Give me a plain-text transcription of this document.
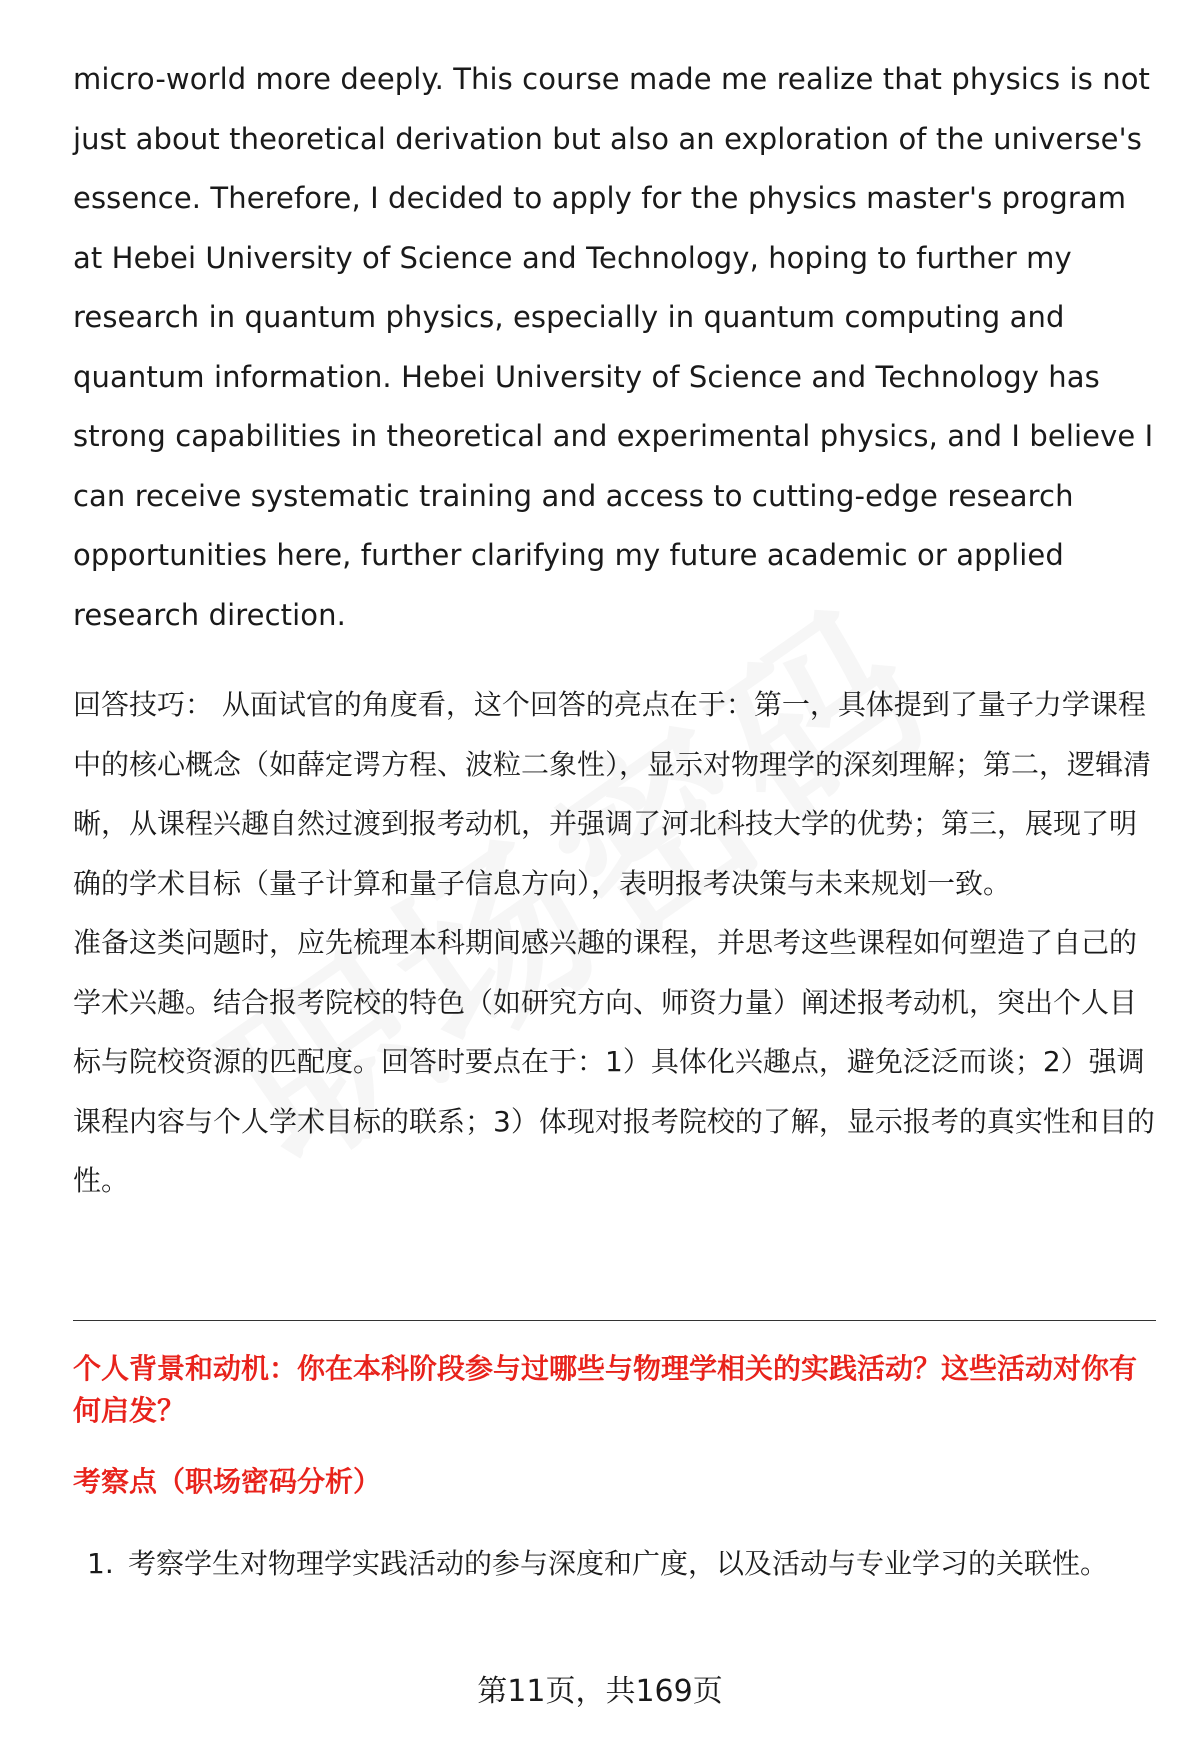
micro-world more deeply. This course made me realize that physics is not just about theoretical derivation but also an exploration of the universe's essence. Therefore, I decided to apply for the physics master's program at Hebei University of Science and Technology, hoping to further my research in quantum physics, especially in quantum computing and quantum information. Hebei University of Science and Technology has strong capabilities in theoretical and experimental physics, and I believe I can receive systematic training and access to cutting-edge research opportunities here, further clarifying my future academic or applied research direction.

回答技巧： 从面试官的角度看，这个回答的亮点在于：第一，具体提到了量子力学课程中的核心概念（如薛定谔方程、波粒二象性），显示对物理学的深刻理解；第二，逻辑清晰，从课程兴趣自然过渡到报考动机，并强调了河北科技大学的优势；第三，展现了明确的学术目标（量子计算和量子信息方向），表明报考决策与未来规划一致。

准备这类问题时，应先梳理本科期间感兴趣的课程，并思考这些课程如何塑造了自己的学术兴趣。结合报考院校的特色（如研究方向、师资力量）阐述报考动机，突出个人目标与院校资源的匹配度。回答时要点在于：1）具体化兴趣点，避免泛泛而谈；2）强调课程内容与个人学术目标的联系；3）体现对报考院校的了解，显示报考的真实性和目的性。

个人背景和动机：你在本科阶段参与过哪些与物理学相关的实践活动？这些活动对你有何启发？

考察点（职场密码分析）

1. 考察学生对物理学实践活动的参与深度和广度，以及活动与专业学习的关联性。
第11页，共169页
